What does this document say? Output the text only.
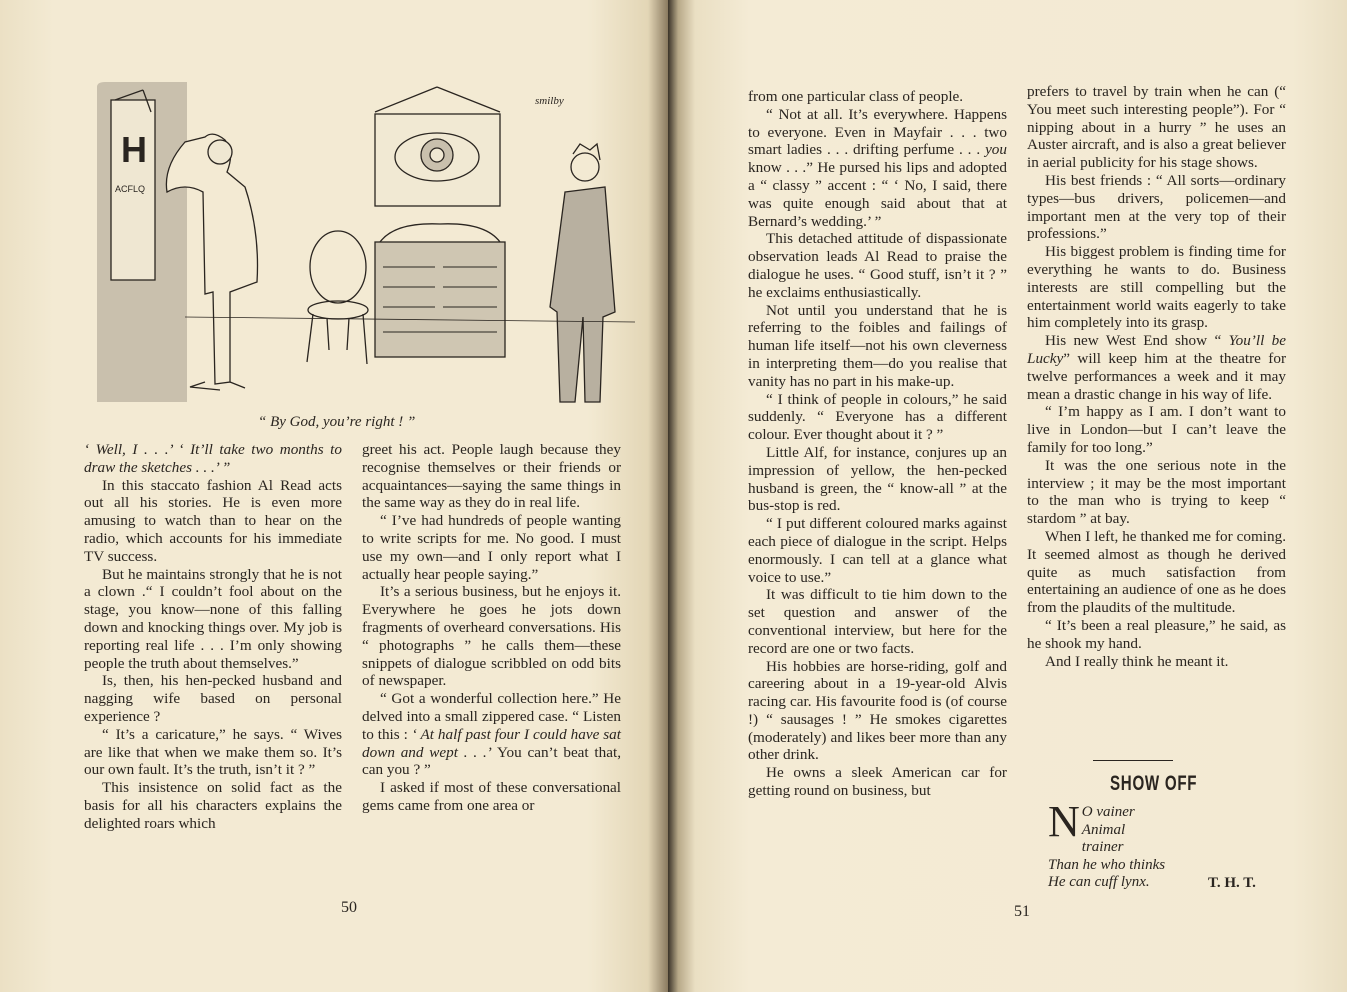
H
ACFLQ
smilby
“ By God, you’re right ! ”

‘ Well, I . . .’ ‘ It’ll take two months to draw the sketches . . .’ ”

In this staccato fashion Al Read acts out all his stories. He is even more amusing to watch than to hear on the radio, which accounts for his immediate TV success.

But he maintains strongly that he is not a clown .“ I couldn’t fool about on the stage, you know—none of this falling down and knocking things over. My job is reporting real life . . . I’m only showing people the truth about themselves.”

Is, then, his hen-pecked husband and nagging wife based on personal experience ?

“ It’s a caricature,” he says. “ Wives are like that when we make them so. It’s our own fault. It’s the truth, isn’t it ? ”

This insistence on solid fact as the basis for all his characters explains the delighted roars which

greet his act. People laugh because they recognise themselves or their friends or acquaintances—saying the same things in the same way as they do in real life.

“ I’ve had hundreds of people wanting to write scripts for me. No good. I must use my own—and I only report what I actually hear people saying.”

It’s a serious business, but he enjoys it. Everywhere he goes he jots down fragments of overheard conversations. His “ photographs ” he calls them—these snippets of dialogue scribbled on odd bits of newspaper.

“ Got a wonderful collection here.” He delved into a small zippered case. “ Listen to this : ‘ At half past four I could have sat down and wept . . .’ You can’t beat that, can you ? ”

I asked if most of these conversational gems came from one area or

50	51

from one particular class of people.

“ Not at all. It’s everywhere. Happens to everyone. Even in Mayfair . . . two smart ladies . . . drifting perfume . . . you know . . .” He pursed his lips and adopted a “ classy ” accent : “ ‘ No, I said, there was quite enough said about that at Bernard’s wedding.’ ”

This detached attitude of dispassionate observation leads Al Read to praise the dialogue he uses. “ Good stuff, isn’t it ? ” he exclaims enthusiastically.

Not until you understand that he is referring to the foibles and failings of human life itself—not his own cleverness in interpreting them—do you realise that vanity has no part in his make-up.

“ I think of people in colours,” he said suddenly. “ Everyone has a different colour. Ever thought about it ? ”

Little Alf, for instance, conjures up an impression of yellow, the hen-pecked husband is green, the “ know-all ” at the bus-stop is red.

“ I put different coloured marks against each piece of dialogue in the script. Helps enormously. I can tell at a glance what voice to use.”

It was difficult to tie him down to the set question and answer of the conventional interview, but here for the record are one or two facts.

His hobbies are horse-riding, golf and careering about in a 19-year-old Alvis racing car. His favourite food is (of course !) “ sausages ! ” He smokes cigarettes (moderately) and likes beer more than any other drink.

He owns a sleek American car for getting round on business, but

prefers to travel by train when he can (“ You meet such interesting people”). For “ nipping about in a hurry ” he uses an Auster aircraft, and is also a great believer in aerial publicity for his stage shows.

His best friends : “ All sorts—ordinary types—bus drivers, policemen—and important men at the very top of their professions.”

His biggest problem is finding time for everything he wants to do. Business interests are still compelling but the entertainment world waits eagerly to take him completely into its grasp.

His new West End show “ You’ll be Lucky” will keep him at the theatre for twelve performances a week and it may mean a drastic change in his way of life.

“ I’m happy as I am. I don’t want to live in London—but I can’t leave the family for too long.”

It was the one serious note in the interview ; it may be the most important to the man who is trying to keep “ stardom ” at bay.

When I left, he thanked me for coming. It seemed almost as though he derived quite as much satisfaction from entertaining an audience of one as he does from the plaudits of the multitude.

“ It’s been a real pleasure,” he said, as he shook my hand.

And I really think he meant it.

SHOW OFF
N O vainer
Animal trainer
Than he who thinks
He can cuff lynx.	T. H. T.
